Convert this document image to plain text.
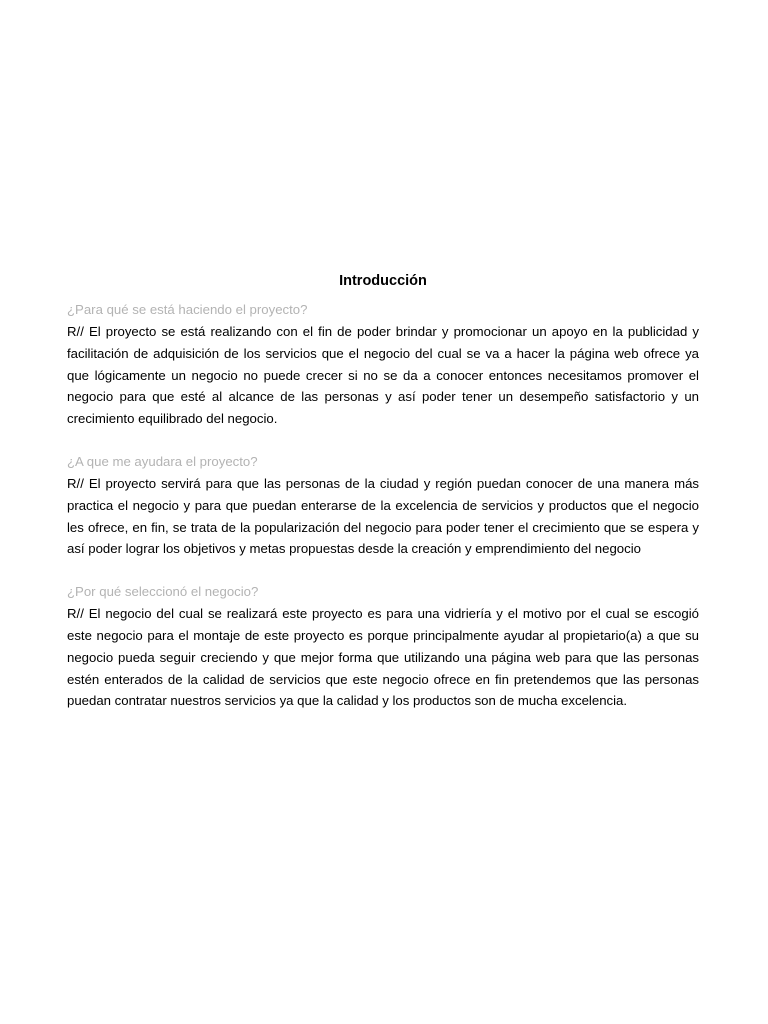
Introducción

¿Para qué se está haciendo el proyecto?

R// El proyecto se está realizando con el fin de poder brindar y promocionar un apoyo en la publicidad y facilitación de adquisición de los servicios que el negocio del cual se va a hacer la página web ofrece ya que lógicamente un negocio no puede crecer si no se da a conocer entonces necesitamos promover el negocio para que esté al alcance de las personas y así poder tener un desempeño satisfactorio y un crecimiento equilibrado del negocio.

¿A que me ayudara el proyecto?

R// El proyecto servirá para que las personas de la ciudad y región puedan conocer de una manera más practica el negocio y para que puedan enterarse de la excelencia de servicios y productos que el negocio les ofrece, en fin, se trata de la popularización del negocio para poder tener el crecimiento que se espera y así poder lograr los objetivos y metas propuestas desde la creación y emprendimiento del negocio

¿Por qué seleccionó el negocio?

R// El negocio del cual se realizará este proyecto es para una vidriería y el motivo por el cual se escogió este negocio para el montaje de este proyecto es porque principalmente ayudar al propietario(a) a que su negocio pueda seguir creciendo y que mejor forma que utilizando una página web para que las personas estén enterados de la calidad de servicios que este negocio ofrece en fin pretendemos que las personas puedan contratar nuestros servicios ya que la calidad y los productos son de mucha excelencia.
